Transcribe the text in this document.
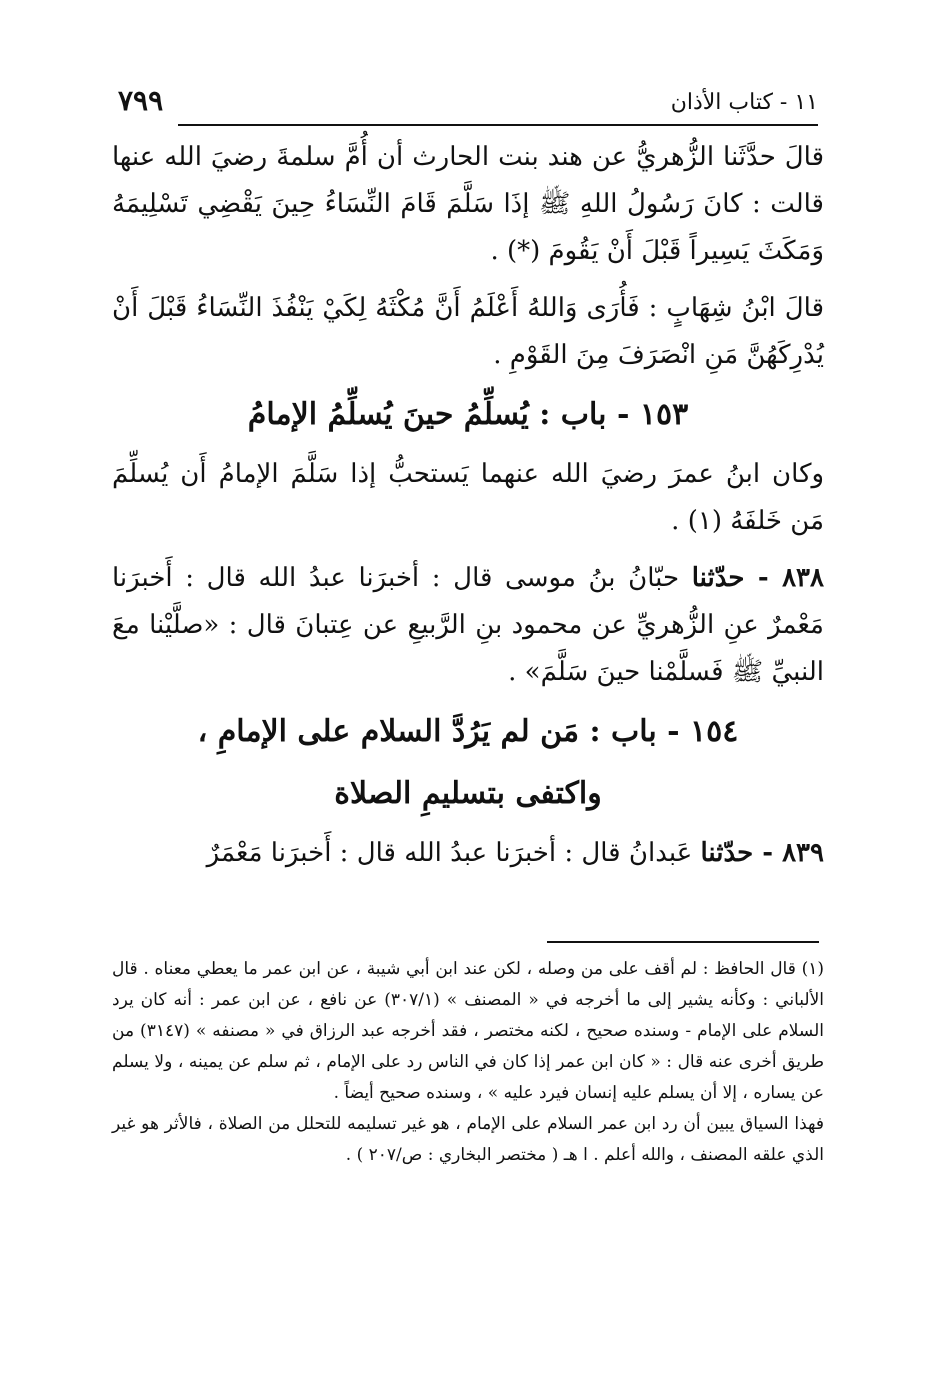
١١ - كتاب الأذان
٧٩٩

قالَ حدَّثَنا الزُّهريُّ عن هند بنت الحارث أن أُمَّ سلمةَ رضيَ الله عنها قالت : كانَ رَسُولُ اللهِ ﷺ إذَا سَلَّمَ قَامَ النِّسَاءُ حِينَ يَقْضِي تَسْلِيمَهُ وَمَكَثَ يَسِيراً قَبْلَ أَنْ يَقُومَ (*) .

قالَ ابْنُ شِهَابٍ : فَأُرَى وَاللهُ أَعْلَمُ أَنَّ مُكْثَهُ لِكَيْ يَنْفُذَ النِّسَاءُ قَبْلَ أَنْ يُدْرِكَهُنَّ مَنِ انْصَرَفَ مِنَ القَوْمِ .

١٥٣ - باب : يُسلِّمُ حينَ يُسلِّمُ الإمامُ

وكان ابنُ عمرَ رضيَ الله عنهما يَستحبُّ إذا سَلَّمَ الإمامُ أَن يُسلِّمَ مَن خَلفَهُ (١) .

٨٣٨ - حدّثنا حبّانُ بنُ موسى قال : أخبرَنا عبدُ الله قال : أَخبرَنا مَعْمرٌ عنِ الزُّهريِّ عن محمود بنِ الرَّبيعِ عن عِتبانَ قال : «صلَّيْنا معَ النبيِّ ﷺ فَسلَّمْنا حينَ سَلَّمَ» .

١٥٤ - باب : مَن لم يَرُدَّ السلام على الإمامِ ،
واكتفى بتسليمِ الصلاة

٨٣٩ - حدّثنا عَبدانُ قال : أخبرَنا عبدُ الله قال : أَخبرَنا مَعْمَرٌ

(١) قال الحافظ : لم أقف على من وصله ، لكن عند ابن أبي شيبة ، عن ابن عمر ما يعطي معناه . قال الألباني : وكأنه يشير إلى ما أخرجه في « المصنف » (٣٠٧/١) عن نافع ، عن ابن عمر : أنه كان يرد السلام على الإمام - وسنده صحيح ، لكنه مختصر ، فقد أخرجه عبد الرزاق في « مصنفه » (٣١٤٧) من طريق أخرى عنه قال : « كان ابن عمر إذا كان في الناس رد على الإمام ، ثم سلم عن يمينه ، ولا يسلم عن يساره ، إلا أن يسلم عليه إنسان فيرد عليه » ، وسنده صحيح أيضاً .

فهذا السياق يبين أن رد ابن عمر السلام على الإمام ، هو غير تسليمه للتحلل من الصلاة ، فالأثر هو غير الذي علقه المصنف ، والله أعلم . ا هـ ( مختصر البخاري : ص/٢٠٧ ) .
